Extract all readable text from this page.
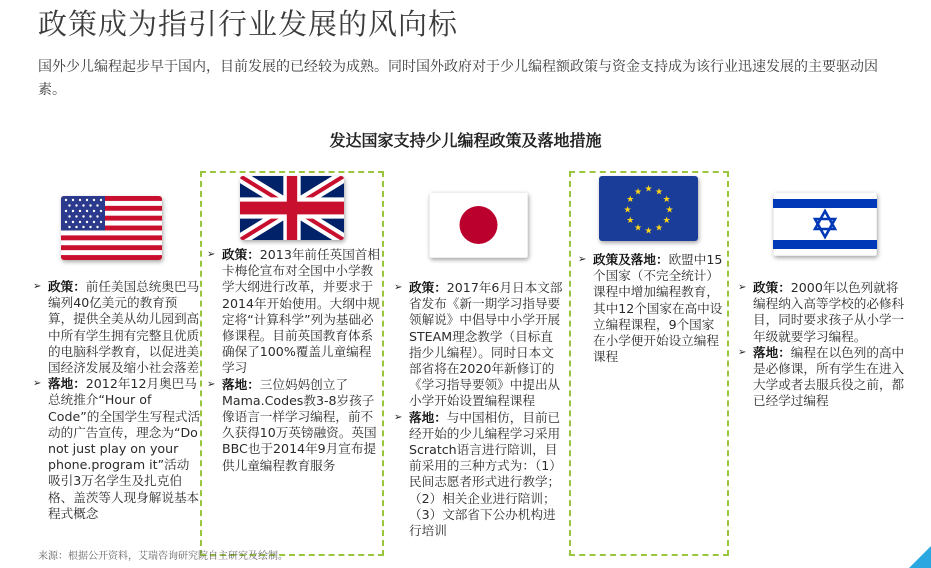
政策成为指引行业发展的风向标
国外少儿编程起步早于国内，目前发展的已经较为成熟。同时国外政府对于少儿编程额政策与资金支持成为该行业迅速发展的主要驱动因素。
发达国家支持少儿编程政策及落地措施
★ ★
★
★
★
★
★
★
★
★
★
★
➢ 政策：前任美国总统奥巴马编列40亿美元的教育预算，提供全美从幼儿园到高中所有学生拥有完整且优质的电脑科学教育，以促进美国经济发展及缩小社会落差
➢ 落地：2012年12月奥巴马总统推介“Hour of Code”的全国学生写程式活动的广告宣传，理念为“Do not just play on your phone.program it”活动吸引3万名学生及扎克伯格、盖茨等人现身解说基本程式概念
➢ 政策：2013年前任英国首相卡梅伦宣布对全国中小学教学大纲进行改革，并要求于2014年开始使用。大纲中规定将“计算科学”列为基础必修课程。目前英国教育体系确保了100%覆盖儿童编程学习
➢ 落地：三位妈妈创立了Mama.Codes教3-8岁孩子像语言一样学习编程，前不久获得10万英镑融资。英国BBC也于2014年9月宣布提供儿童编程教育服务
➢ 政策：2017年6月日本文部省发布《新一期学习指导要领解说》中倡导中小学开展STEAM理念教学（目标直指少儿编程）。同时日本文部省将在2020年新修订的《学习指导要领》中提出从小学开始设置编程课程
➢ 落地：与中国相仿，目前已经开始的少儿编程学习采用Scratch语言进行陪训，目前采用的三种方式为：（1）民间志愿者形式进行教学；（2）相关企业进行陪训；（3）文部省下公办机构进行培训
➢ 政策及落地：欧盟中15个国家（不完全统计）课程中增加编程教育，其中12个国家在高中设立编程课程，9个国家在小学便开始设立编程课程
➢ 政策：2000年以色列就将编程纳入高等学校的必修科目，同时要求孩子从小学一年级就要学习编程。
➢ 落地：编程在以色列的高中是必修课，所有学生在进入大学或者去服兵役之前，都已经学过编程
来源：根据公开资料，艾瑞咨询研究院自主研究及绘制。
